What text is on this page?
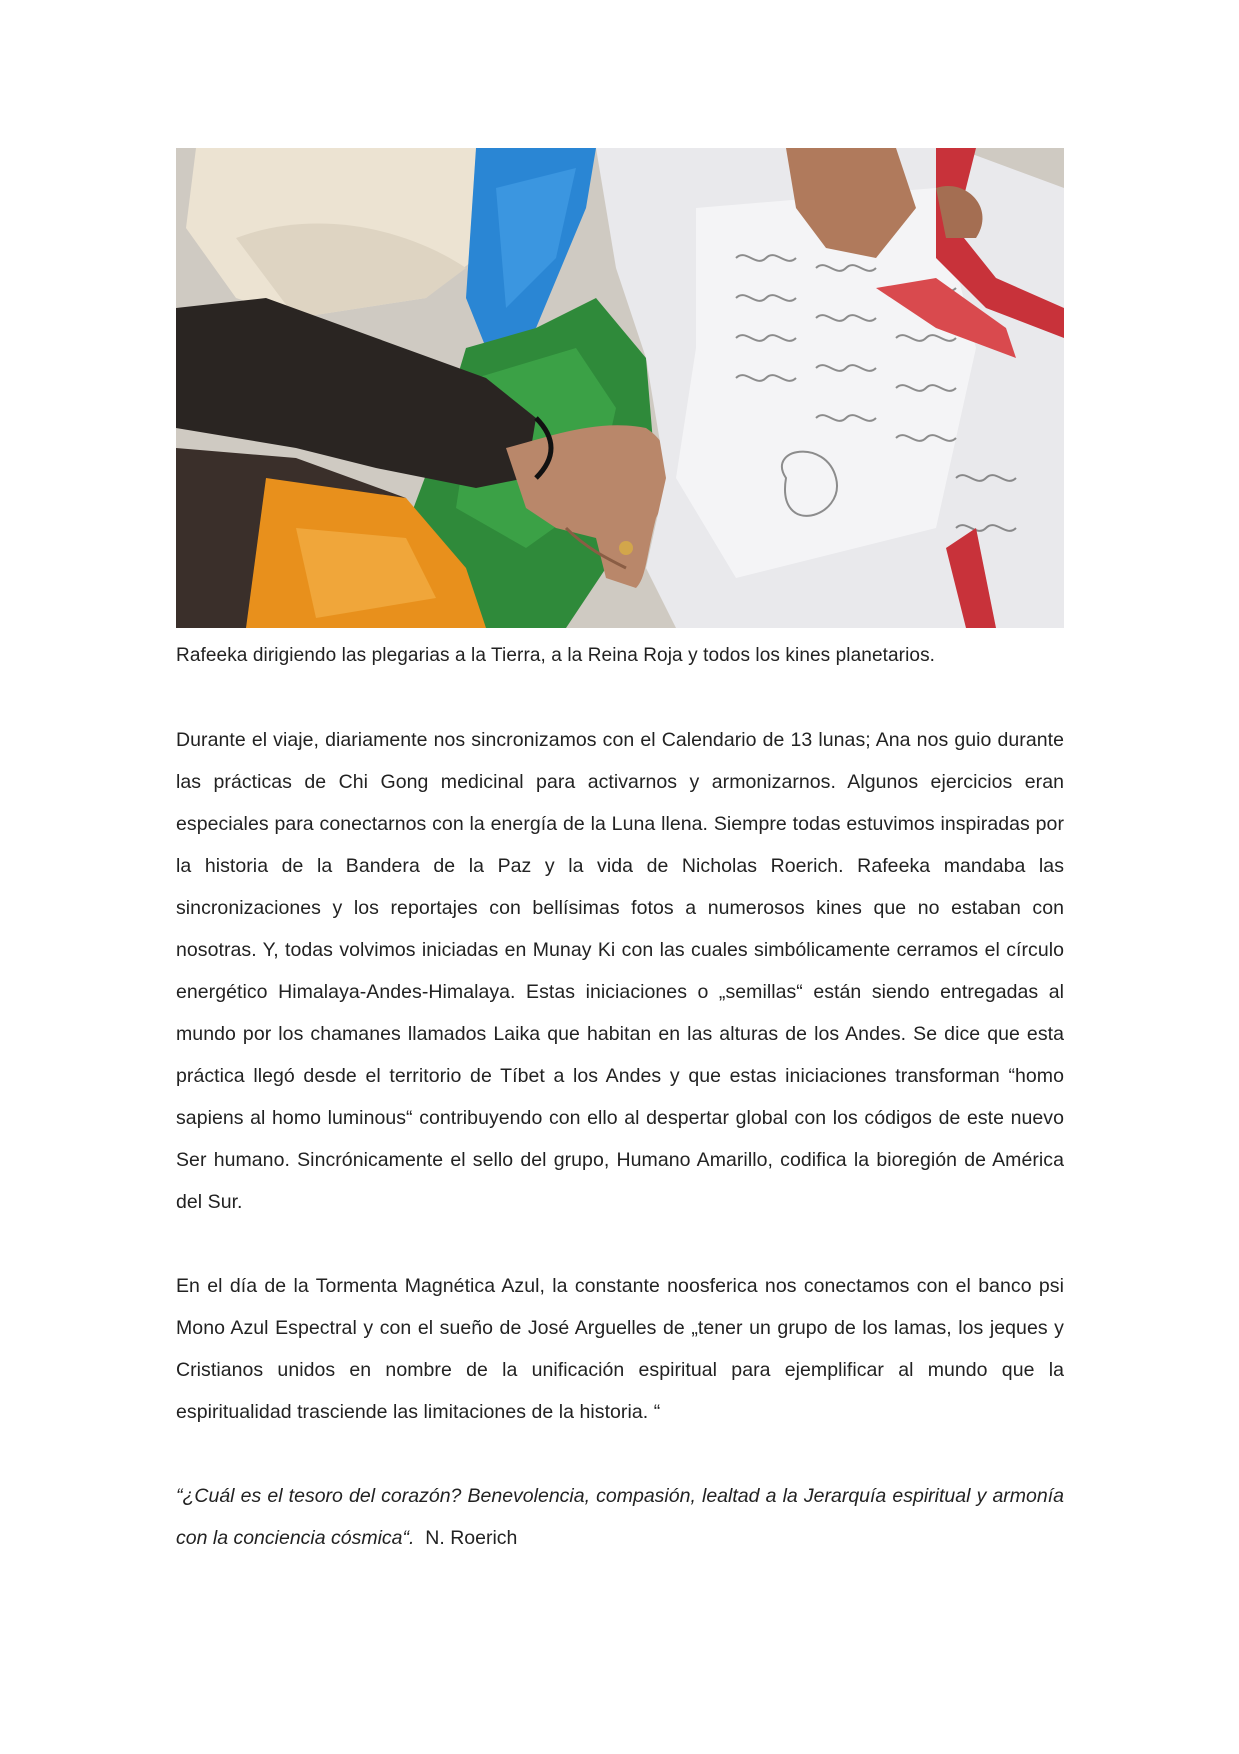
Rafeeka dirigiendo las plegarias a la Tierra, a la Reina Roja y todos los kines planetarios.

Durante el viaje, diariamente nos sincronizamos con el Calendario de 13 lunas; Ana nos guio durante las prácticas de Chi Gong medicinal para activarnos y armonizarnos. Algunos ejercicios eran especiales para conectarnos con la energía de la Luna llena. Siempre todas estuvimos inspiradas por la historia de la Bandera de la Paz y la vida de Nicholas Roerich. Rafeeka mandaba las sincronizaciones y los reportajes con bellísimas fotos a numerosos kines que no estaban con nosotras. Y, todas volvimos iniciadas en Munay Ki con las cuales simbólicamente cerramos el círculo energético Himalaya-Andes-Himalaya. Estas iniciaciones o „semillas“ están siendo entregadas al mundo por los chamanes llamados Laika que habitan en las alturas de los Andes. Se dice que esta práctica llegó desde el territorio de Tíbet a los Andes y que estas iniciaciones transforman “homo sapiens al homo luminous“ contribuyendo con ello al despertar global con los códigos de este nuevo Ser humano. Sincrónicamente el sello del grupo, Humano Amarillo, codifica la bioregión de América del Sur.

En el día de la Tormenta Magnética Azul, la constante noosferica nos conectamos con el banco psi Mono Azul Espectral y con el sueño de José Arguelles de „tener un grupo de los lamas, los jeques y Cristianos unidos en nombre de la unificación espiritual para ejemplificar al mundo que la espiritualidad trasciende las limitaciones de la historia. “

“¿Cuál es el tesoro del corazón? Benevolencia, compasión, lealtad a la Jerarquía espiritual y armonía con la conciencia cósmica“. N. Roerich
